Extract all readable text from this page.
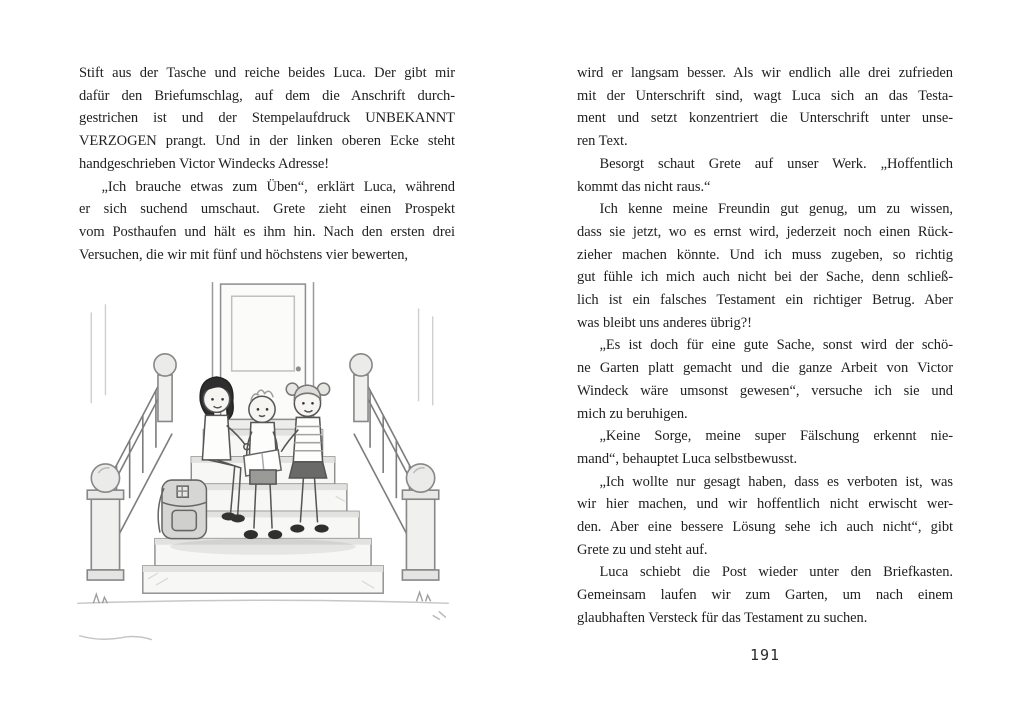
Stift aus der Tasche und reiche beides Luca. Der gibt mir
dafür den Briefumschlag, auf dem die Anschrift durch-
gestrichen ist und der Stempelaufdruck UNBEKANNT
VERZOGEN prangt. Und in der linken oberen Ecke steht
handgeschrieben Victor Windecks Adresse!
„Ich brauche etwas zum Üben“, erklärt Luca, während
er sich suchend umschaut. Grete zieht einen Prospekt
vom Posthaufen und hält es ihm hin. Nach den ersten drei
Versuchen, die wir mit fünf und höchstens vier bewerten,
wird er langsam besser. Als wir endlich alle drei zufrieden
mit der Unterschrift sind, wagt Luca sich an das Testa-
ment und setzt konzentriert die Unterschrift unter unse-
ren Text.
Besorgt schaut Grete auf unser Werk. „Hoffentlich
kommt das nicht raus.“
Ich kenne meine Freundin gut genug, um zu wissen,
dass sie jetzt, wo es ernst wird, jederzeit noch einen Rück-
zieher machen könnte. Und ich muss zugeben, so richtig
gut fühle ich mich auch nicht bei der Sache, denn schließ-
lich ist ein falsches Testament ein richtiger Betrug. Aber
was bleibt uns anderes übrig?!
„Es ist doch für eine gute Sache, sonst wird der schö-
ne Garten platt gemacht und die ganze Arbeit von Victor
Windeck wäre umsonst gewesen“, versuche ich sie und
mich zu beruhigen.
„Keine Sorge, meine super Fälschung erkennt nie-
mand“, behauptet Luca selbstbewusst.
„Ich wollte nur gesagt haben, dass es verboten ist, was
wir hier machen, und wir hoffentlich nicht erwischt wer-
den. Aber eine bessere Lösung sehe ich auch nicht“, gibt
Grete zu und steht auf.
Luca schiebt die Post wieder unter den Briefkasten.
Gemeinsam laufen wir zum Garten, um nach einem
glaubhaften Versteck für das Testament zu suchen.
191
